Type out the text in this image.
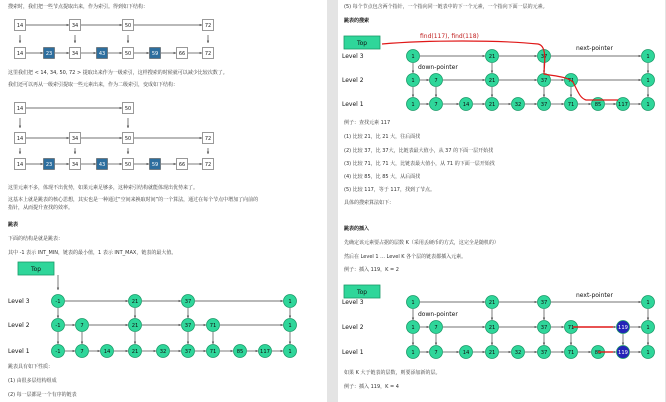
搜索时，我们把一些节点提取出来，作为索引。得到如下结构：
14	34	50	72
14	23	34	43	50	59	66	72
14	50
14	34	50	72
14	23	34	43	50	59	66	72
Top
Level 3
Level 2
Level 1
-1	21	37	1
-1	7	21	37	71	1
-1	7	14	21	32	37	71	85	117	1
这里我们把 < 14, 34, 50, 72 > 提取出来作为一级索引，这样搜索的时候就可以减少比较次数了。
我们还可以再从一级索引提取一些元素出来，作为二级索引，变成如下结构：
这里元素不多，体现不出优势，如果元素足够多，这种索引结构就能体现出优势来了。
这基本上就是跳表的核心思想，其实也是一种通过“空间来换取时间”的一个算法，通过在每个节点中增加了向前的
指针，从而提升查找的效率。
跳表
下面的结构是就是跳表：
其中 -1 表示 INT_MIN，链表的最小值，1 表示 INT_MAX，链表的最大值。
跳表具有如下性质：
(1) 由很多层结构组成
(2) 每一层都是一个有序的链表
(5) 每个节点包含两个指针，一个指向同一链表中的下一个元素，一个指向下面一层的元素。
跳表的搜索
Top
Level 3
Level 2
Level 1
1	21	37	1
1	7	21	37	71	1
1	7	14	21	32	37	71	85	117	1
find(117), find(118)
next-pointer
down-pointer
Top
Level 3
Level 2
Level 1
1	21	37	1
1	7	21	37	71	119	1
1	7	14	21	32	37	71	85	119	1
next-pointer
down-pointer
例子：查找元素 117
(1) 比较 21，比 21 大，往后面找
(2) 比较 37，比 37大，比链表最大值小，从 37 的下面一层开始找
(3) 比较 71，比 71 大，比链表最大值小，从 71 的下面一层开始找
(4) 比较 85，比 85 大，从后面找
(5) 比较 117，等于 117，找到了节点。
具体的搜索算法如下：
跳表的插入
先确定该元素要占据的层数 K（采用丢硬币的方式，这完全是随机的）
然后在 Level 1 ... Level K 各个层的链表都插入元素。
例子：插入 119，K = 2
如果 K 大于链表的层数，则要添加新的层。
例子：插入 119，K = 4
